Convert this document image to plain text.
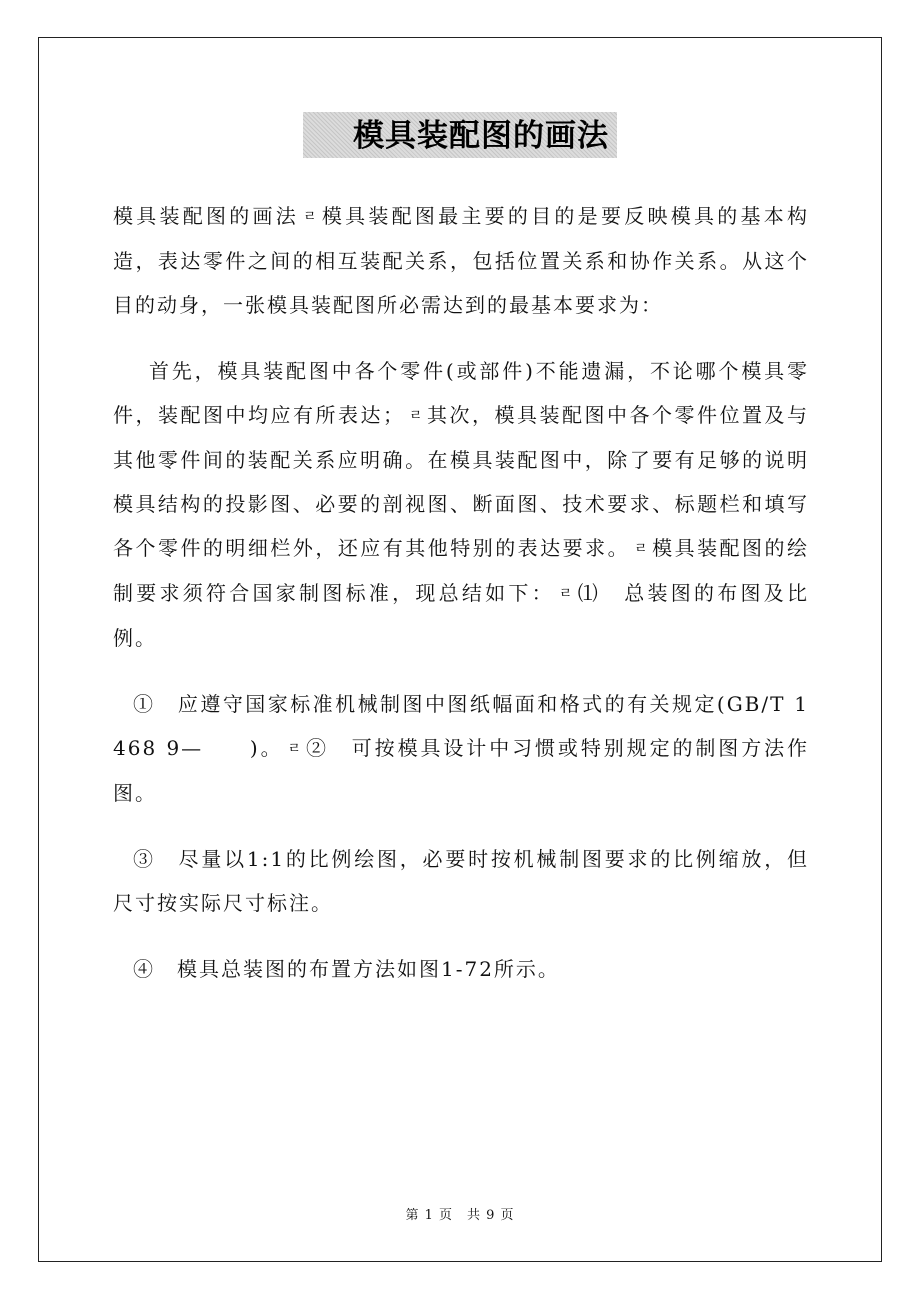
模具装配图的画法

模具装配图的画法 ﾩ 模具装配图最主要的目的是要反映模具的基本构造，表达零件之间的相互装配关系，包括位置关系和协作关系。从这个目的动身，一张模具装配图所必需达到的最基本要求为：

首先，模具装配图中各个零件(或部件)不能遗漏，不论哪个模具零件，装配图中均应有所表达； ﾩ 其次，模具装配图中各个零件位置及与其他零件间的装配关系应明确。在模具装配图中，除了要有足够的说明模具结构的投影图、必要的剖视图、断面图、技术要求、标题栏和填写各个零件的明细栏外，还应有其他特别的表达要求。 ﾩ 模具装配图的绘制要求须符合国家制图标准，现总结如下： ﾩ ⑴　总装图的布图及比例。

①　应遵守国家标准机械制图中图纸幅面和格式的有关规定(GB/T 1468 9—　　)。 ﾩ ②　可按模具设计中习惯或特别规定的制图方法作图。

③　尽量以1:1的比例绘图，必要时按机械制图要求的比例缩放，但尺寸按实际尺寸标注。

④　模具总装图的布置方法如图1-72所示。

第 1 页 共 9 页
